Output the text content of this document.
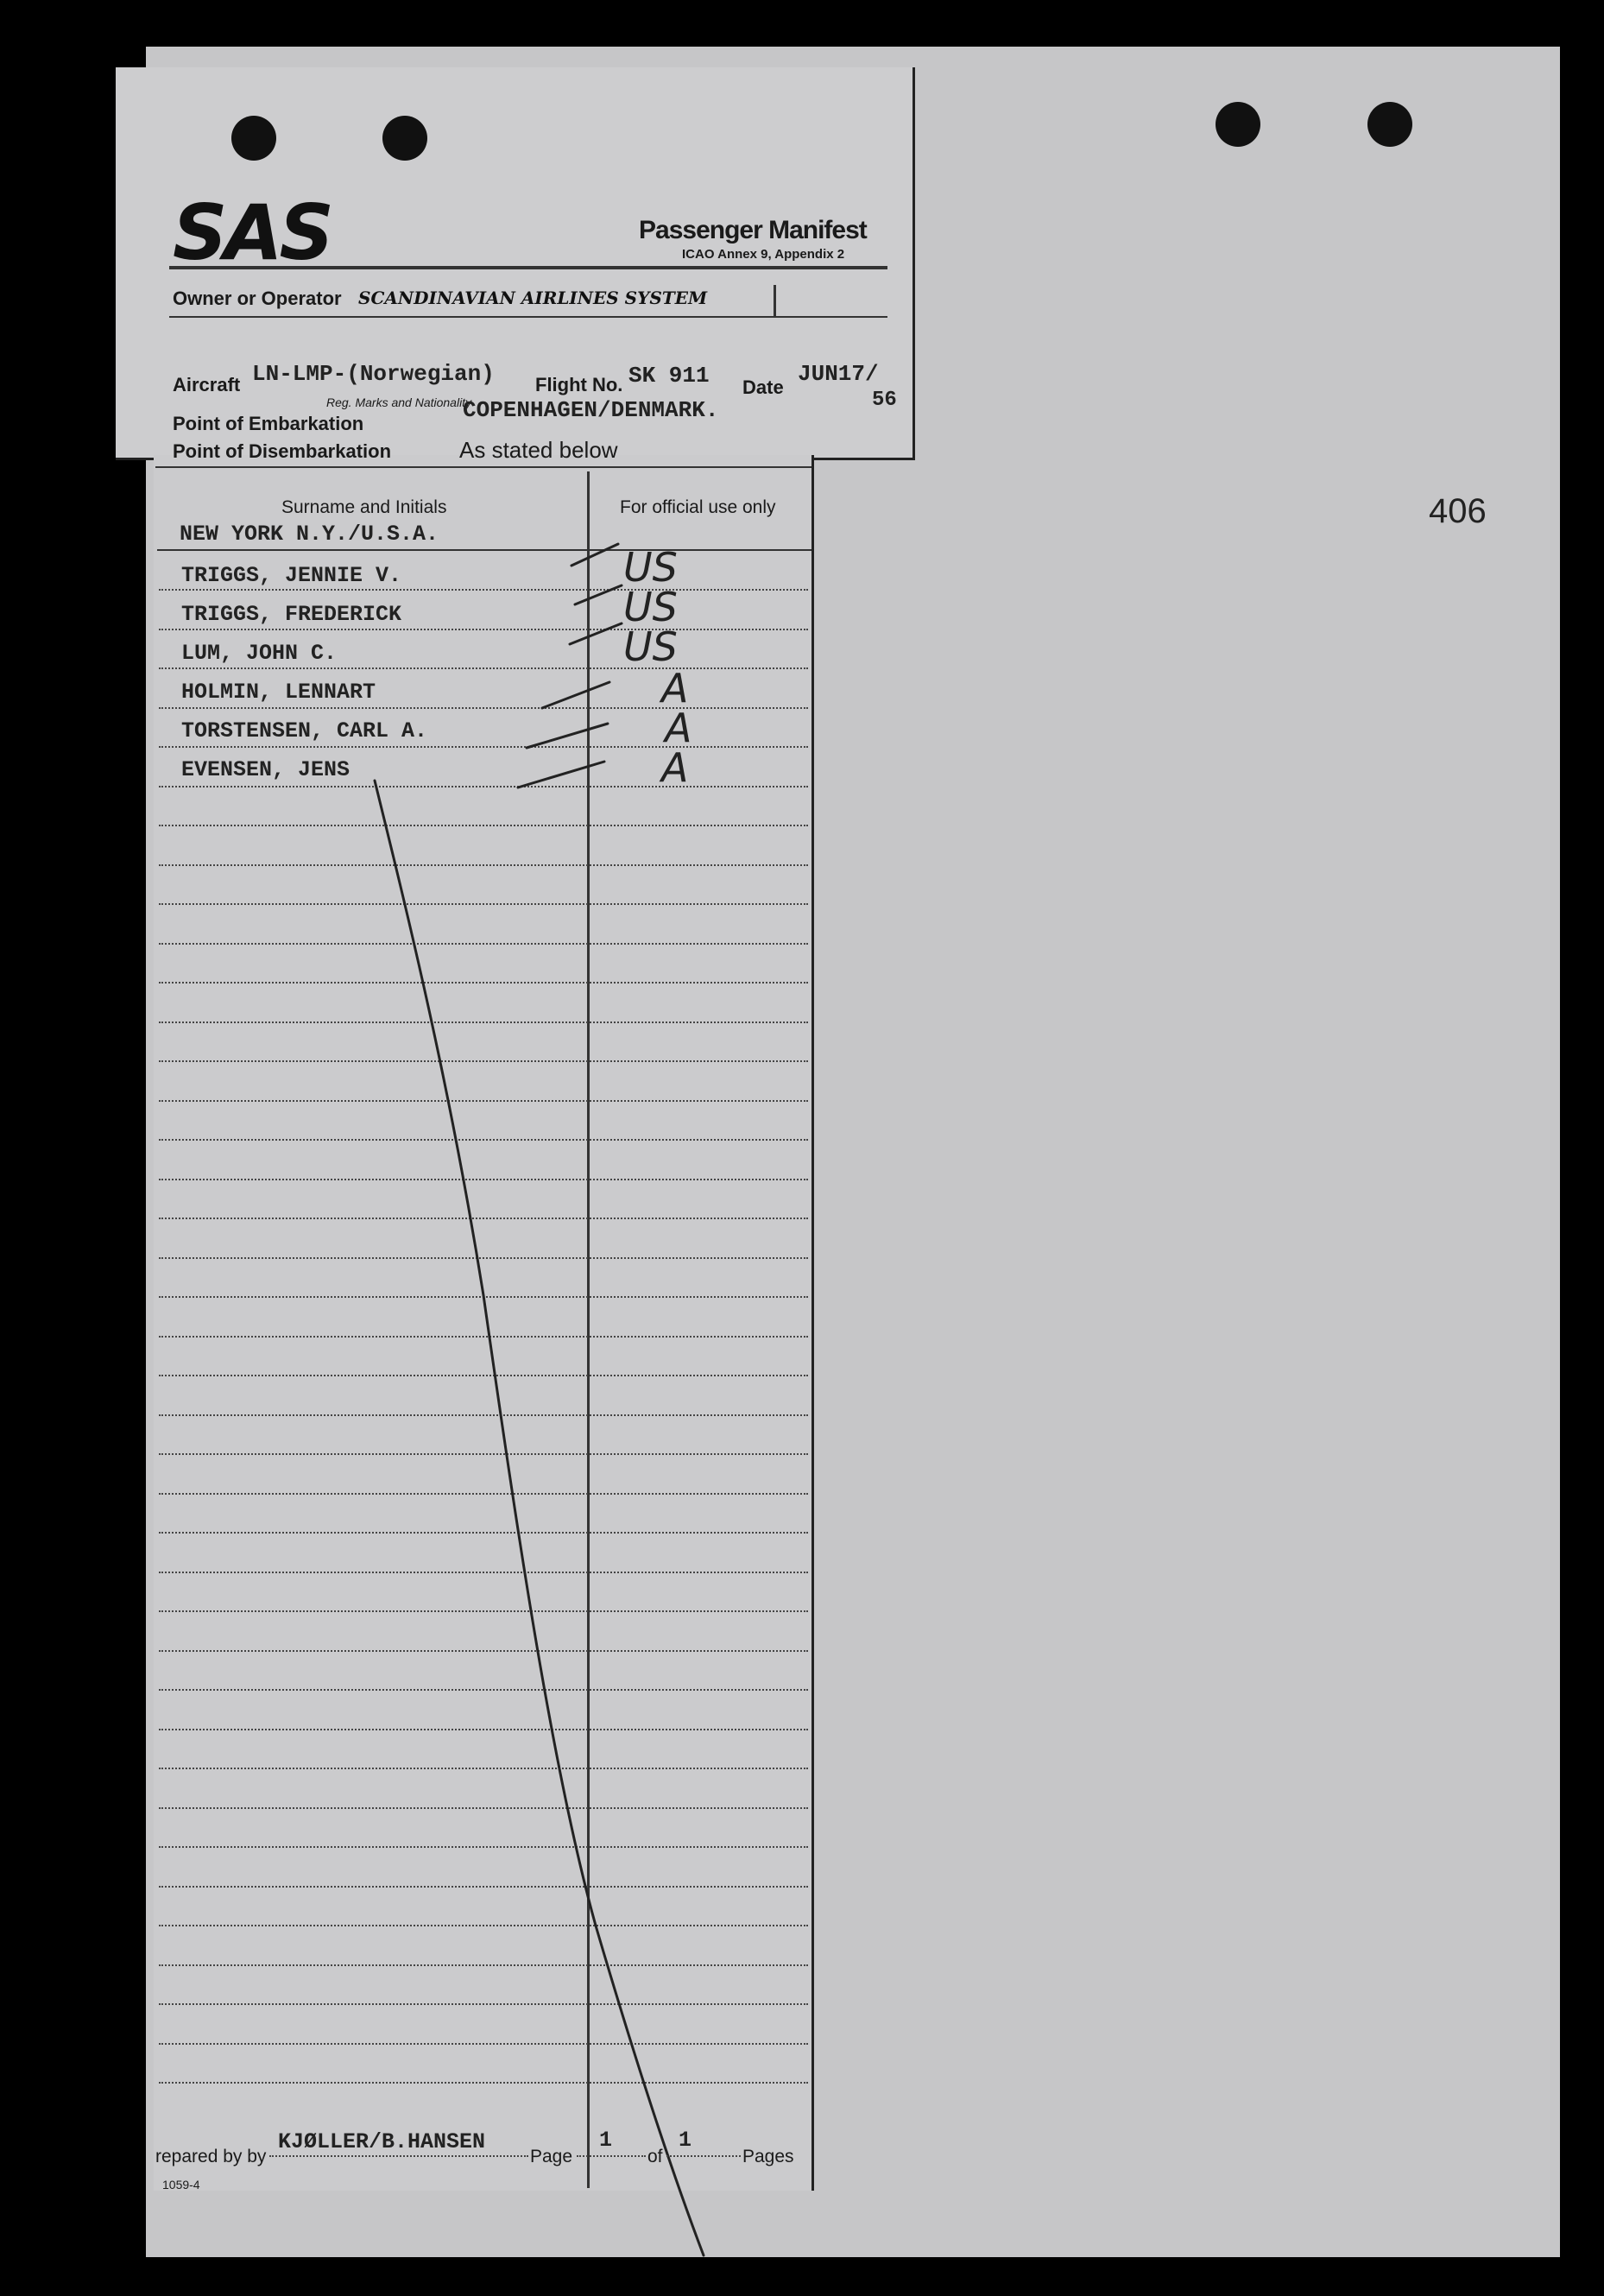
406
SAS	Passenger Manifest
ICAO Annex 9, Appendix 2
Owner or Operator SCANDINAVIAN AIRLINES SYSTEM
Aircraft LN-LMP-(Norwegian)
Reg. Marks and Nationality
Flight No. SK 911 Date
JUN17/
56
Point of Embarkation
COPENHAGEN/DENMARK.
Point of Disembarkation	As stated below
Surname and Initials	For official use only
NEW YORK N.Y./U.S.A.
TRIGGS, JENNIE V.	US
TRIGGS, FREDERICK	US
LUM, JOHN C.	US
HOLMIN, LENNART	A
TORSTENSEN, CARL A.	A
EVENSEN, JENS	A
repared by by
KJØLLER/B.HANSEN
Page
1
of
1
Pages
1059-4
